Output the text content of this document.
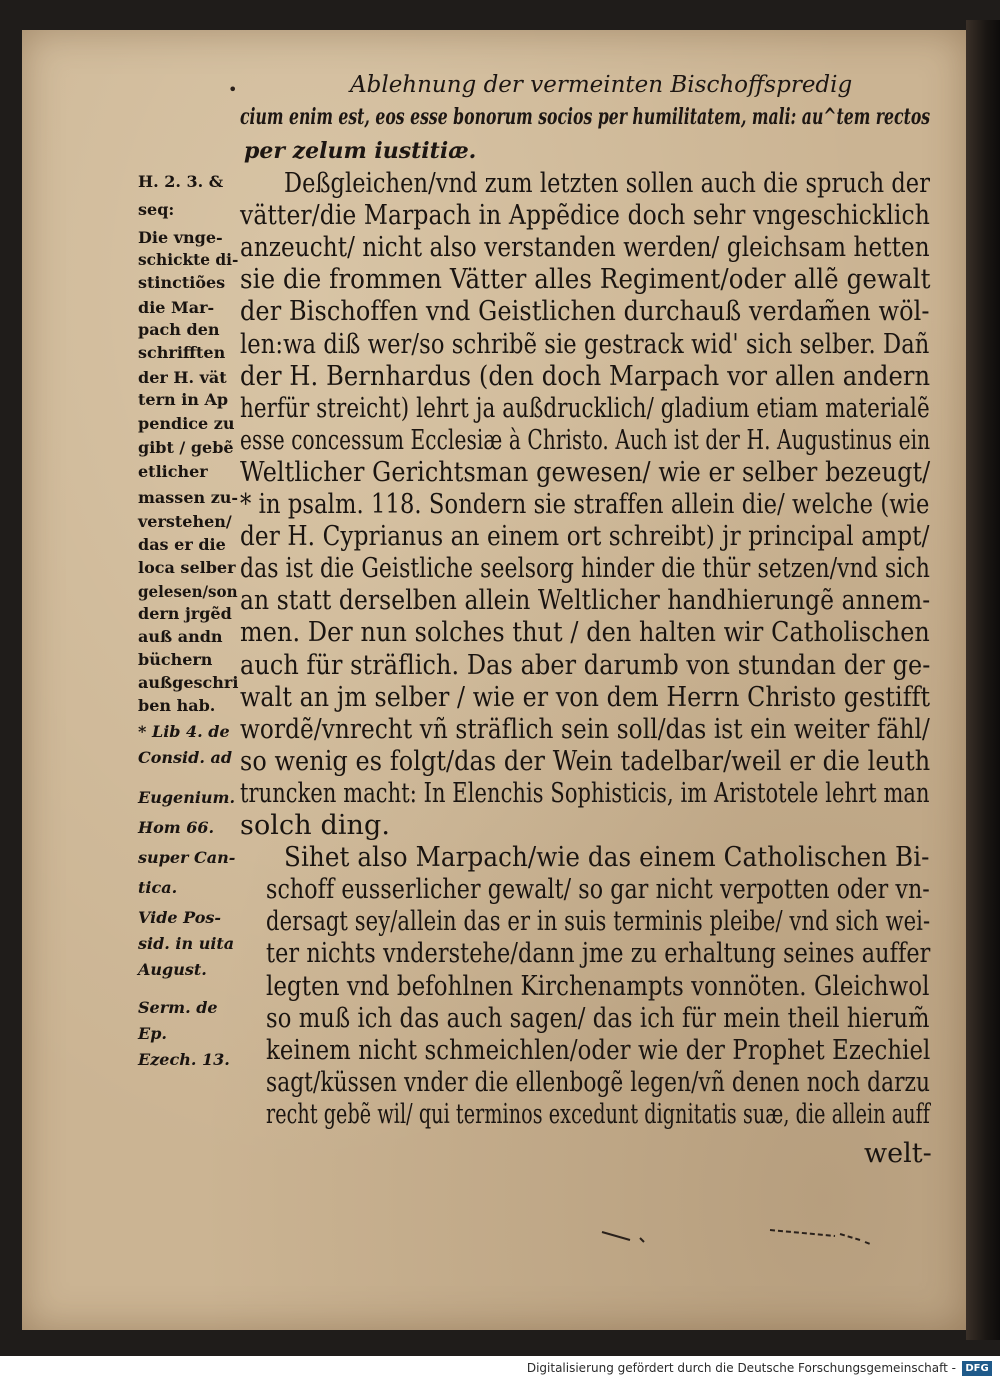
•	Ablehnung der vermeinten Bischoffspredig
cium enim est, eos esse bonorum socios per humilitatem, mali: au^tem rectos
per zelum iustitiæ.
Deßgleichen/vnd zum letzten sollen auch die spruch der
vätter/die Marpach in Appẽdice doch sehr vngeschicklich
anzeucht/ nicht also verstanden werden/ gleichsam hetten
sie die frommen Vätter alles Regiment/oder allẽ gewalt
der Bischoffen vnd Geistlichen durchauß verdam̃en wöl-
len:wa diß wer/so schribẽ sie gestrack wid' sich selber. Dañ
der H. Bernhardus (den doch Marpach vor allen andern
herfür streicht) lehrt ja außdrucklich/ gladium etiam materialẽ
esse concessum Ecclesiæ à Christo. Auch ist der H. Augustinus ein
Weltlicher Gerichtsman gewesen/ wie er selber bezeugt/
* in psalm. 118. Sondern sie straffen allein die/ welche (wie
der H. Cyprianus an einem ort schreibt) jr principal ampt/
das ist die Geistliche seelsorg hinder die thür setzen/vnd sich
an statt derselben allein Weltlicher handhierungẽ annem-
men. Der nun solches thut / den halten wir Catholischen
auch für sträflich. Das aber darumb von stundan der ge-
walt an jm selber / wie er von dem Herrn Christo gestifft
wordẽ/vnrecht vñ sträflich sein soll/das ist ein weiter fähl/
so wenig es folgt/das der Wein tadelbar/weil er die leuth
truncken macht: In Elenchis Sophisticis, im Aristotele lehrt man
solch ding.
Sihet also Marpach/wie das einem Catholischen Bi-
schoff eusserlicher gewalt/ so gar nicht verpotten oder vn-
dersagt sey/allein das er in suis terminis pleibe/ vnd sich wei-
ter nichts vnderstehe/dann jme zu erhaltung seines auffer
legten vnd befohlnen Kirchenampts vonnöten. Gleichwol
so muß ich das auch sagen/ das ich für mein theil hierum̃
keinem nicht schmeichlen/oder wie der Prophet Ezechiel
sagt/küssen vnder die ellenbogẽ legen/vñ denen noch darzu
recht gebẽ wil/ qui terminos excedunt dignitatis suæ, die allein auff
H. 2. 3. &
seq:
Die vnge-
schickte di-
stinctiões
die Mar-
pach den
schrifften
der H. vät
tern in Ap
pendice zu
gibt / gebẽ
etlicher
massen zu-
verstehen/
das er die
loca selber
gelesen/son
dern jrgẽd
auß andn
büchern
außgeschri
ben hab.
* Lib 4. de
Consid. ad
Eugenium.
Hom 66.
super Can-
tica.
Vide Pos-
sid. in uita
August.
Serm. de
Ep.
Ezech. 13.
welt-
Digitalisierung gefördert durch die Deutsche Forschungsgemeinschaft - DFG
